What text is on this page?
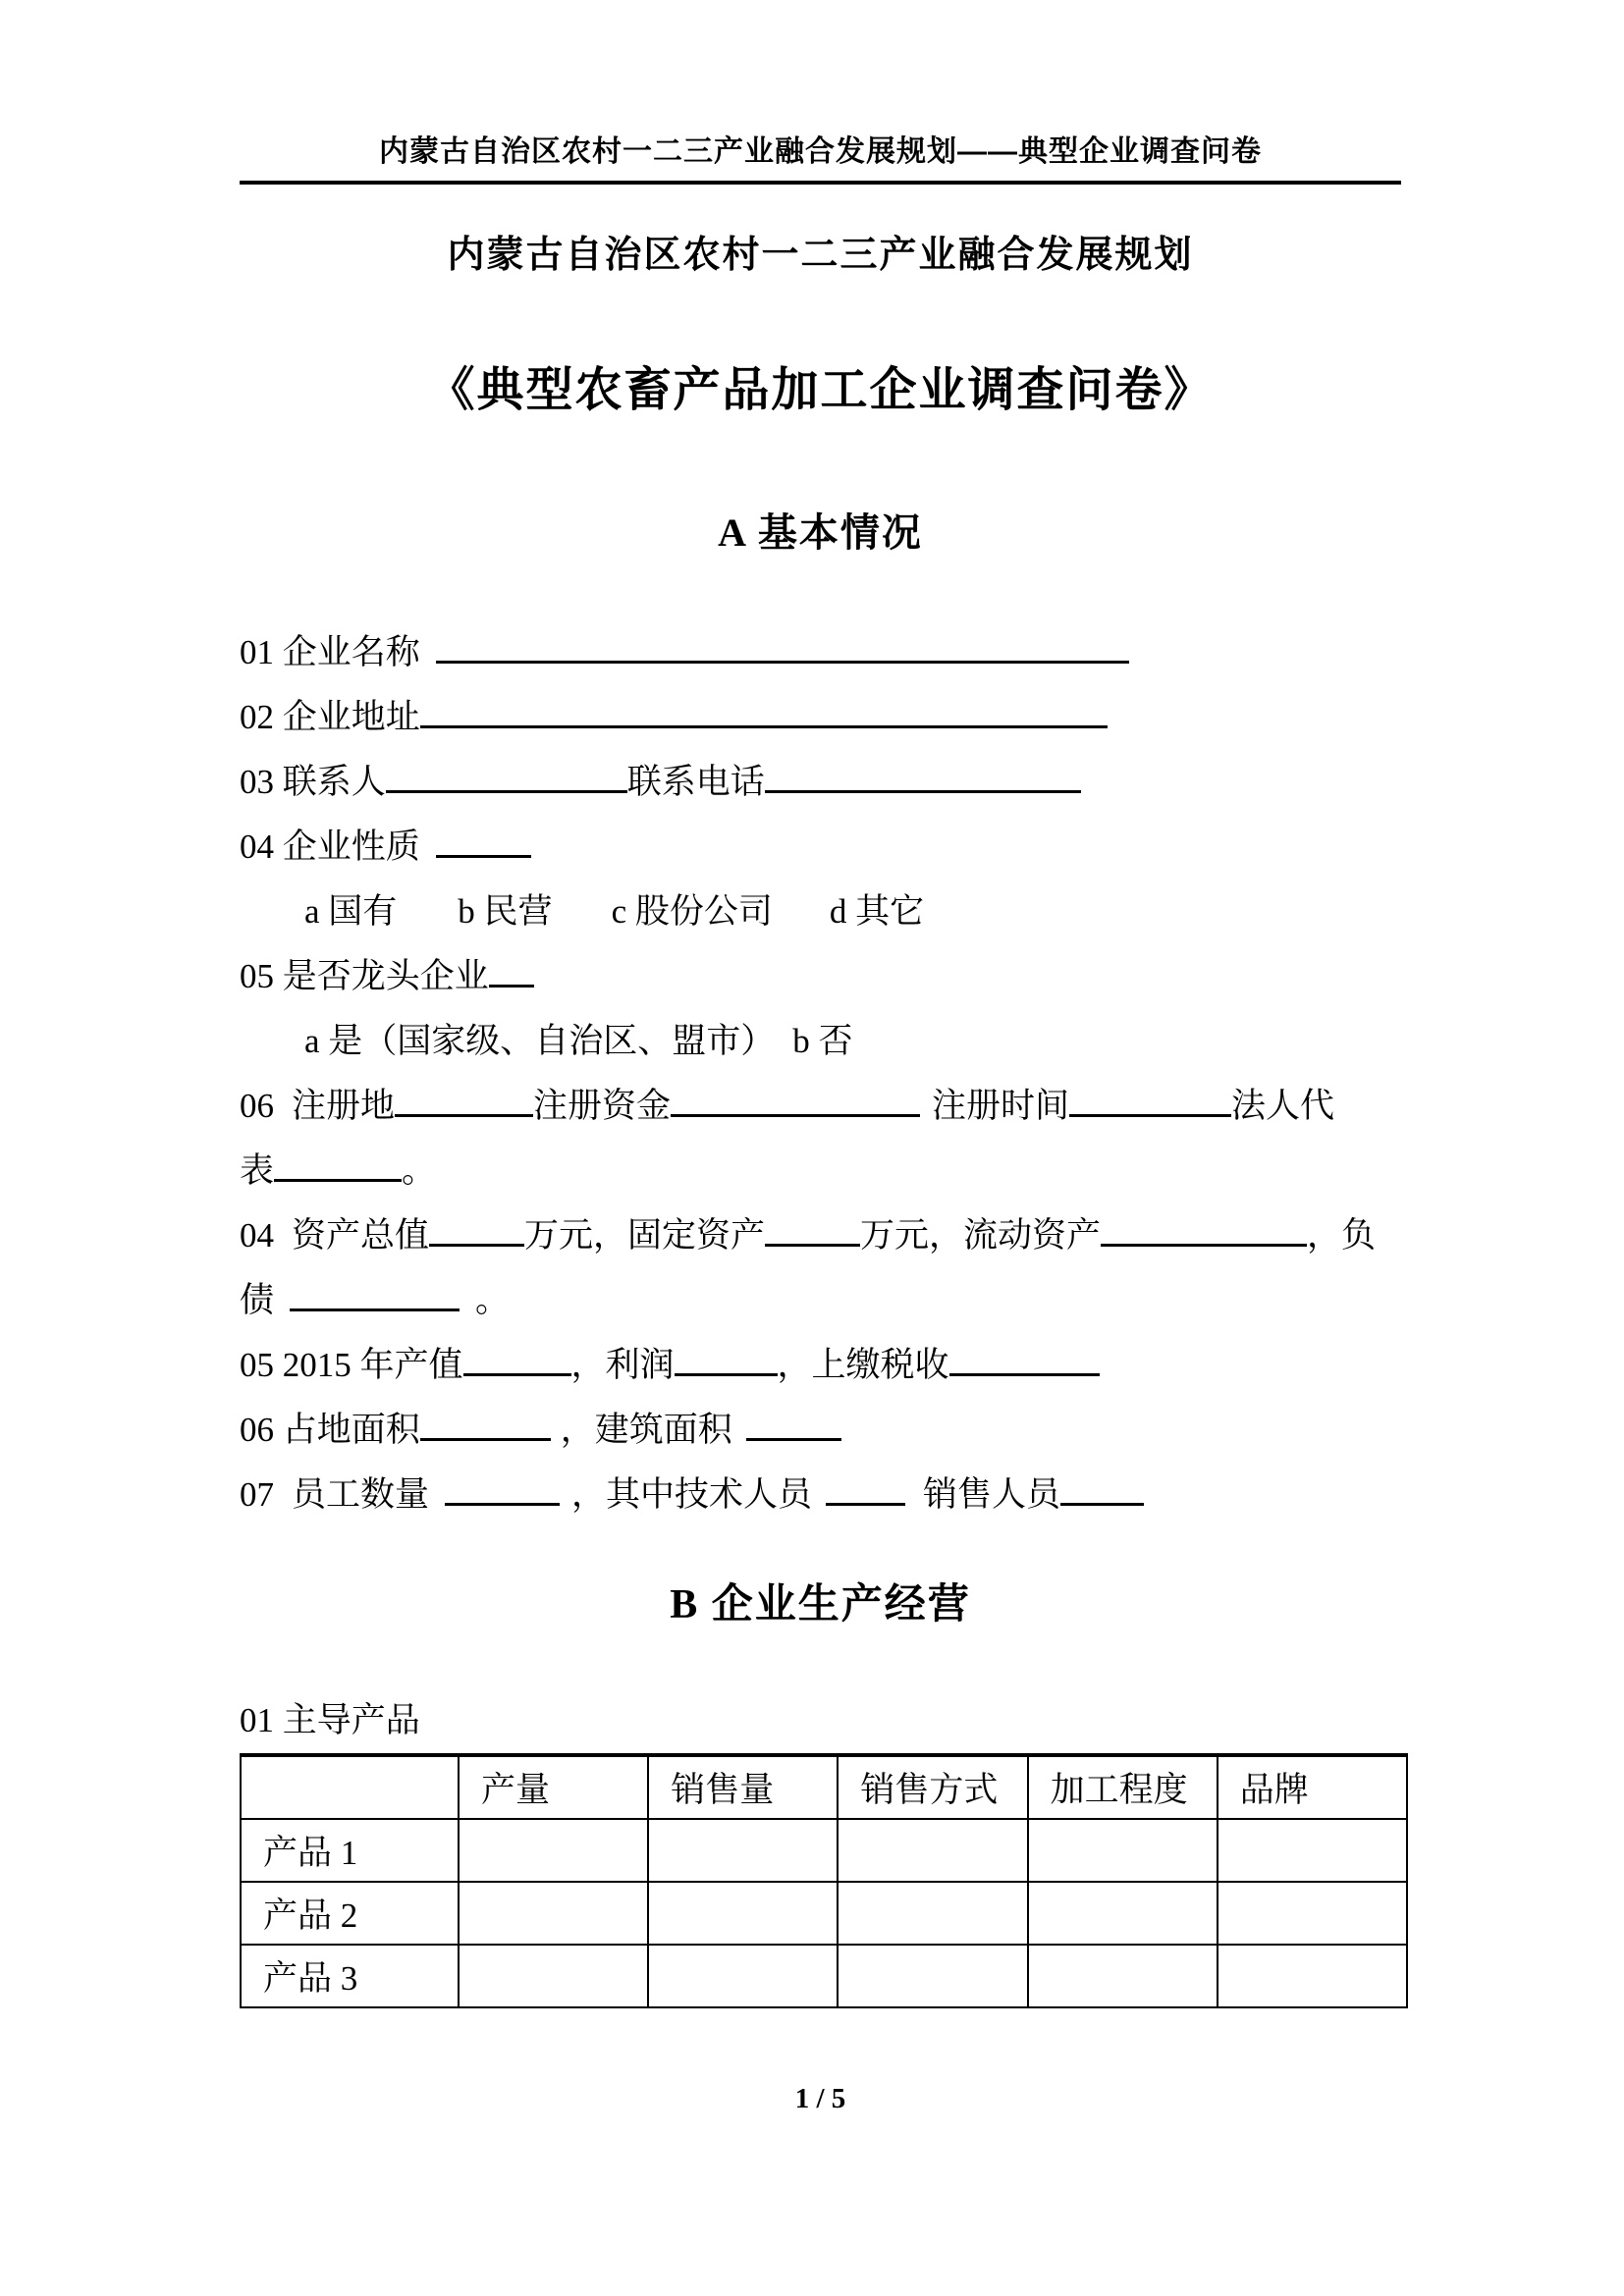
内蒙古自治区农村一二三产业融合发展规划——典型企业调查问卷
内蒙古自治区农村一二三产业融合发展规划
《典型农畜产品加工企业调查问卷》
A 基本情况
01 企业名称
02 企业地址
03 联系人	联系电话
04 企业性质
a 国有 b 民营 c 股份公司 d 其它
05 是否龙头企业
a 是（国家级、自治区、盟市） b 否
06 注册地	注册资金	注册时间	法人代
表	。
04 资产总值	万元，固定资产	万元，流动资产	，负
债	。
05 2015 年产值	，利润	，上缴税收
06 占地面积	，建筑面积
07 员工数量	，其中技术人员	销售人员
B 企业生产经营
01 主导产品
	产量	销售量	销售方式	加工程度	品牌
产品 1					
产品 2					
产品 3					
1 / 5
